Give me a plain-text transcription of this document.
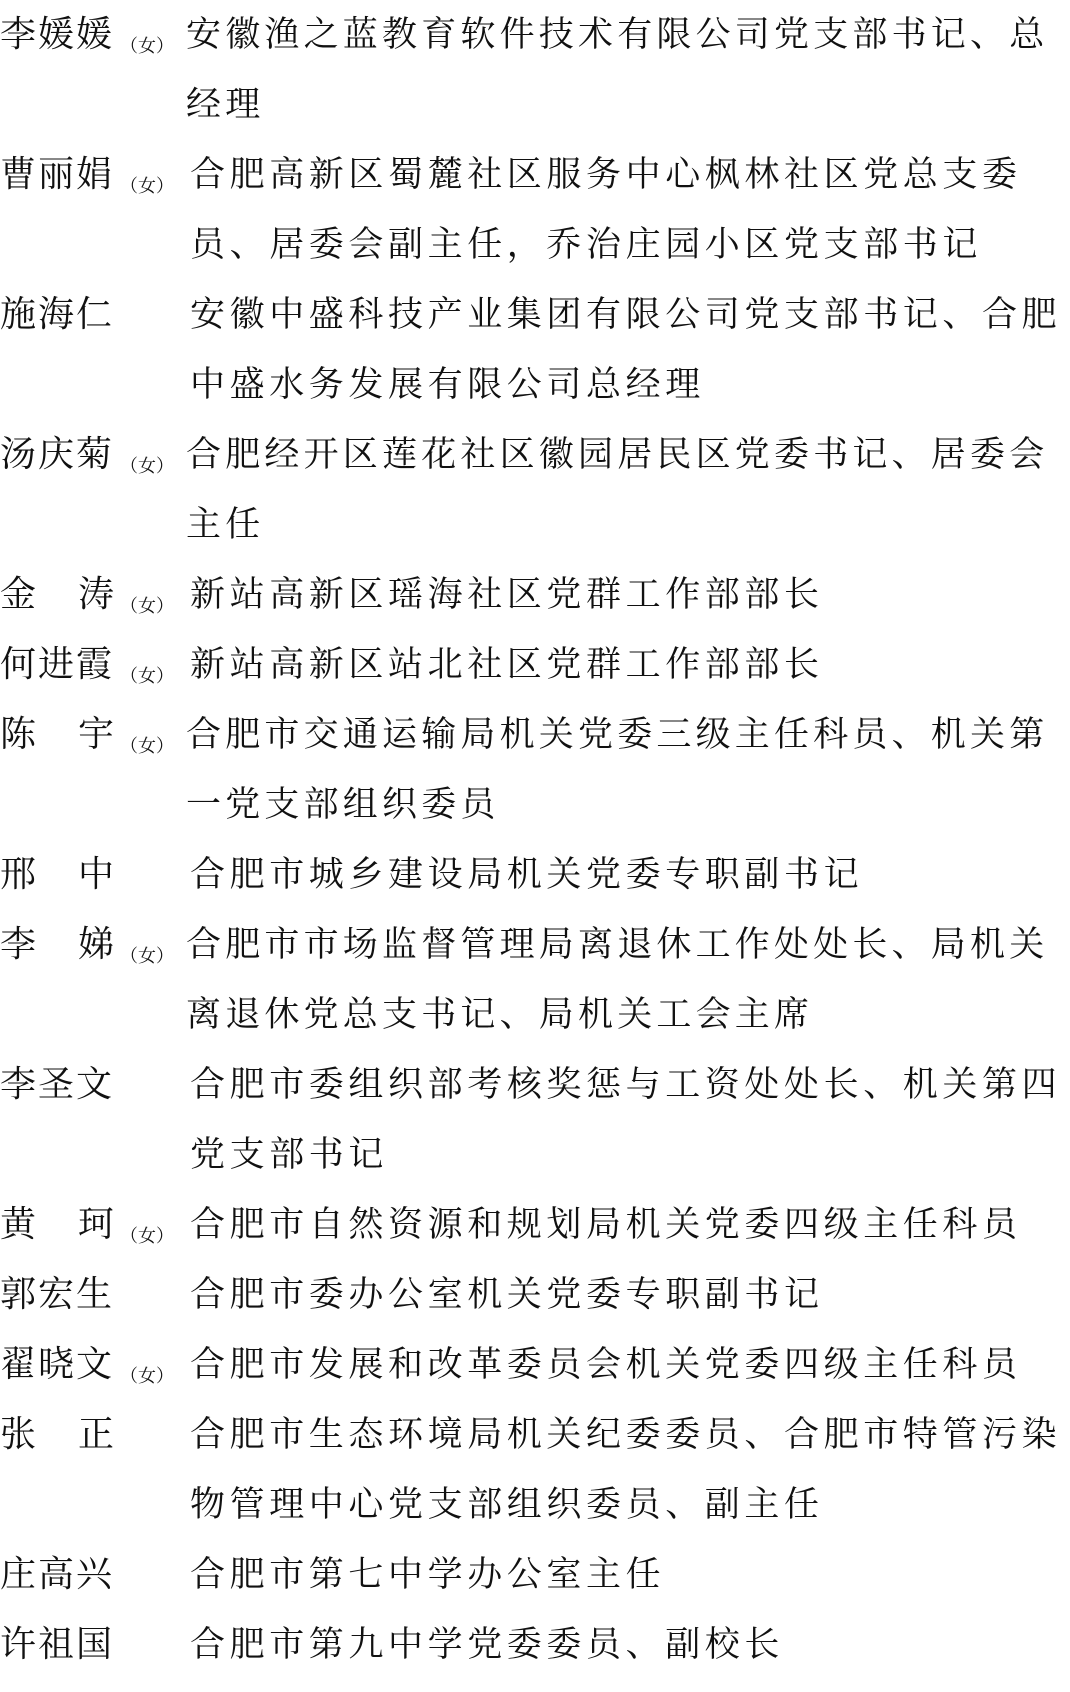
李媛媛 （女） 安徽渔之蓝教育软件技术有限公司党支部书记、总经理
曹丽娟 （女） 合肥高新区蜀麓社区服务中心枫林社区党总支委员、居委会副主任，乔治庄园小区党支部书记
施海仁	安徽中盛科技产业集团有限公司党支部书记、合肥中盛水务发展有限公司总经理
汤庆菊 （女） 合肥经开区莲花社区徽园居民区党委书记、居委会主任
金 涛 （女） 新站高新区瑶海社区党群工作部部长
何进霞 （女） 新站高新区站北社区党群工作部部长
陈 宇 （女） 合肥市交通运输局机关党委三级主任科员、机关第一党支部组织委员
邢 中	合肥市城乡建设局机关党委专职副书记
李 娣 （女） 合肥市市场监督管理局离退休工作处处长、局机关离退休党总支书记、局机关工会主席
李圣文	合肥市委组织部考核奖惩与工资处处长、机关第四党支部书记
黄 珂 （女） 合肥市自然资源和规划局机关党委四级主任科员
郭宏生	合肥市委办公室机关党委专职副书记
翟晓文 （女） 合肥市发展和改革委员会机关党委四级主任科员
张 正	合肥市生态环境局机关纪委委员、合肥市特管污染物管理中心党支部组织委员、副主任
庄高兴	合肥市第七中学办公室主任
许祖国	合肥市第九中学党委委员、副校长
